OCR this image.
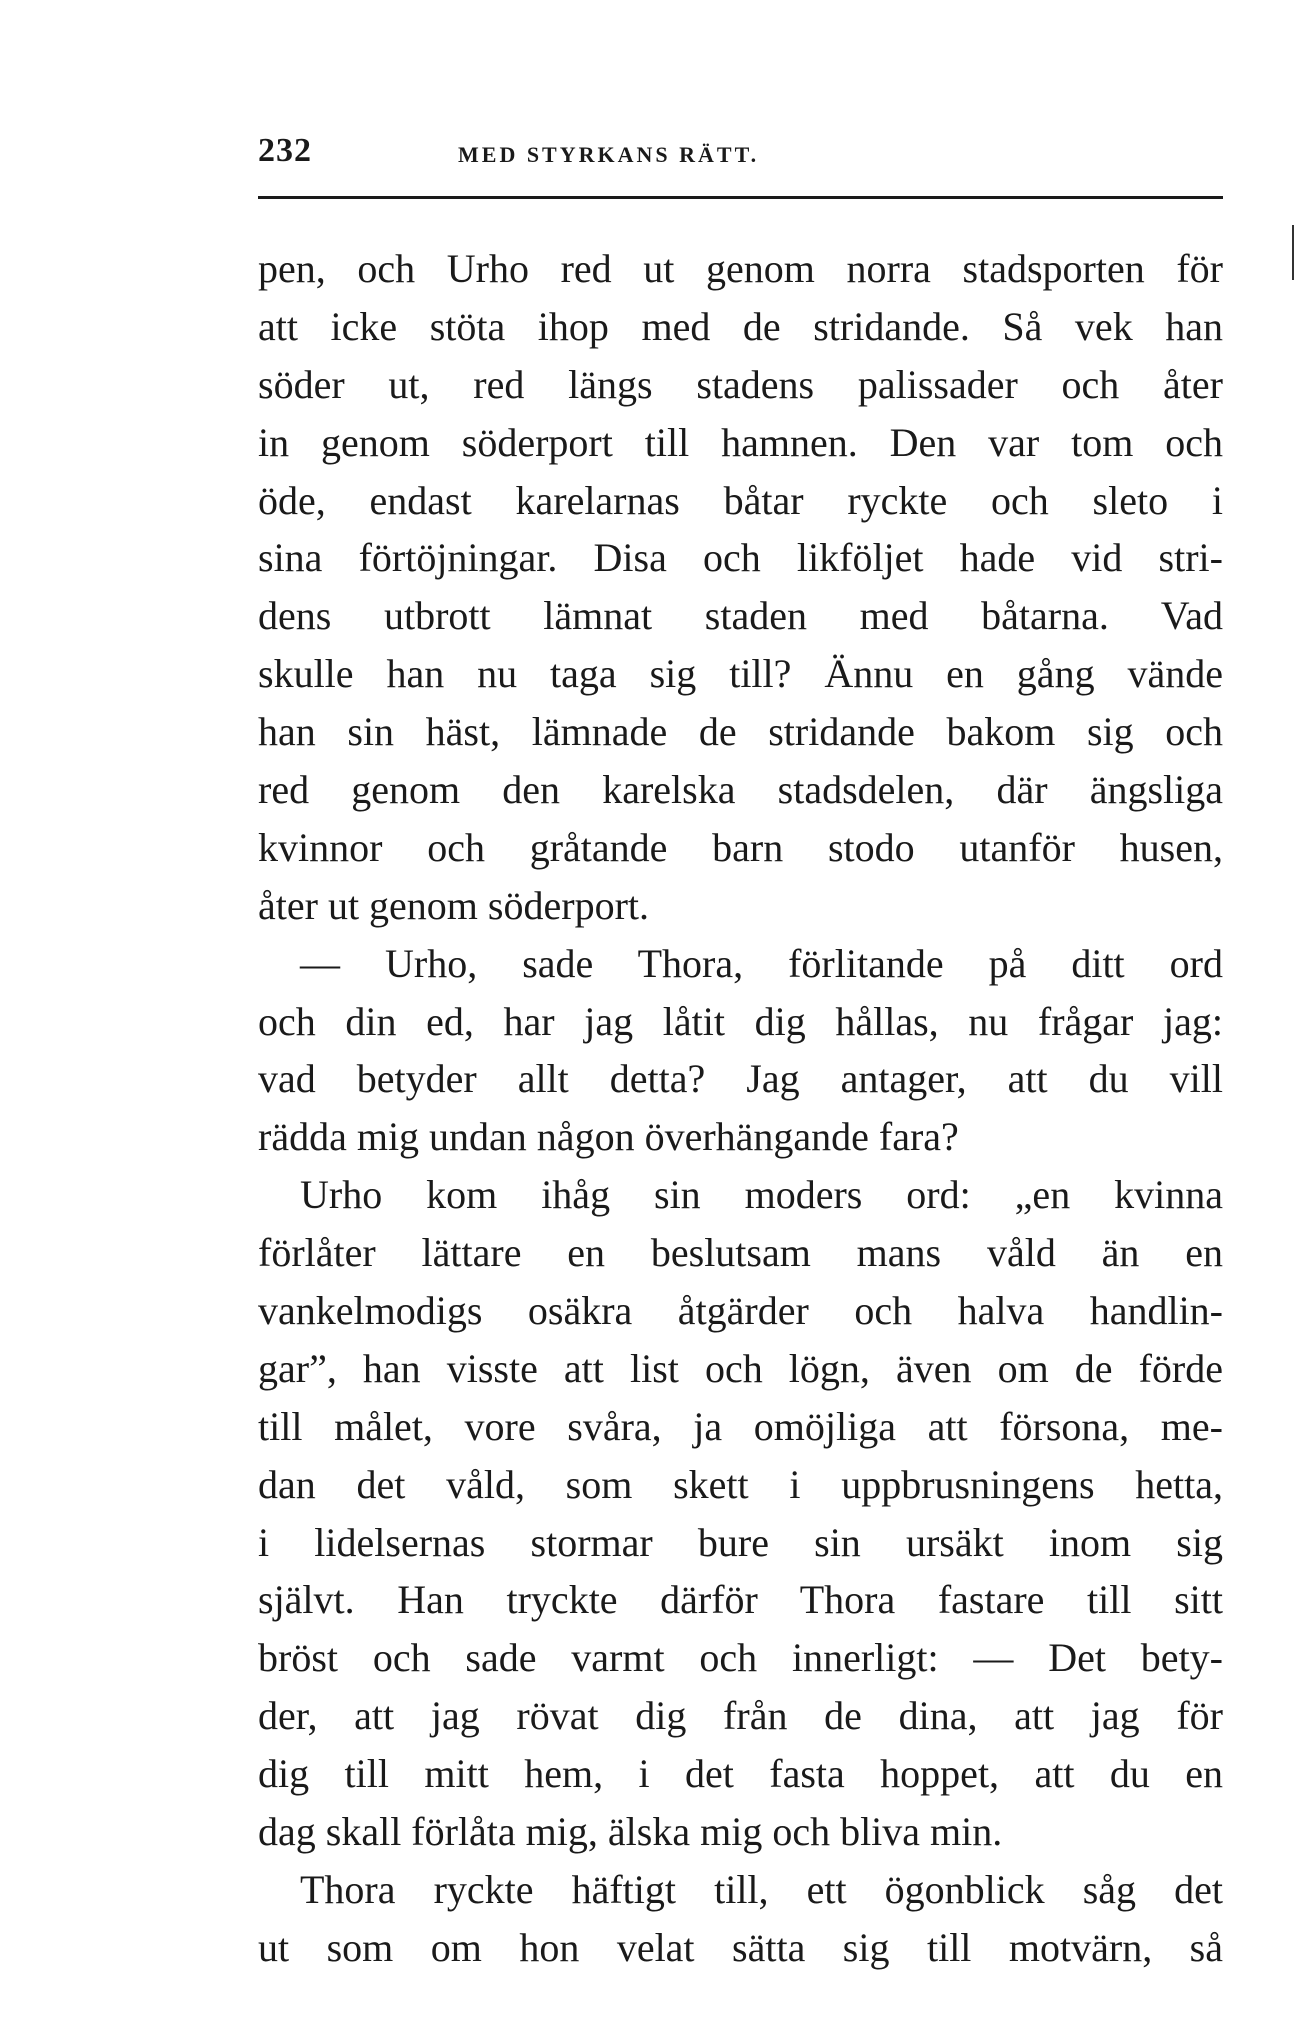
232	MED STYRKANS RÄTT.
pen, och Urho red ut genom norra stadsporten för
att icke stöta ihop med de stridande. Så vek han
söder ut, red längs stadens palissader och åter
in genom söderport till hamnen. Den var tom och
öde, endast karelarnas båtar ryckte och sleto i
sina förtöjningar. Disa och likföljet hade vid stri-
dens utbrott lämnat staden med båtarna. Vad
skulle han nu taga sig till? Ännu en gång vände
han sin häst, lämnade de stridande bakom sig och
red genom den karelska stadsdelen, där ängsliga
kvinnor och gråtande barn stodo utanför husen,
åter ut genom söderport.
— Urho, sade Thora, förlitande på ditt ord
och din ed, har jag låtit dig hållas, nu frågar jag:
vad betyder allt detta? Jag antager, att du vill
rädda mig undan någon överhängande fara?
Urho kom ihåg sin moders ord: „en kvinna
förlåter lättare en beslutsam mans våld än en
vankelmodigs osäkra åtgärder och halva handlin-
gar”, han visste att list och lögn, även om de förde
till målet, vore svåra, ja omöjliga att försona, me-
dan det våld, som skett i uppbrusningens hetta,
i lidelsernas stormar bure sin ursäkt inom sig
självt. Han tryckte därför Thora fastare till sitt
bröst och sade varmt och innerligt: — Det bety-
der, att jag rövat dig från de dina, att jag för
dig till mitt hem, i det fasta hoppet, att du en
dag skall förlåta mig, älska mig och bliva min.
Thora ryckte häftigt till, ett ögonblick såg det
ut som om hon velat sätta sig till motvärn, så
